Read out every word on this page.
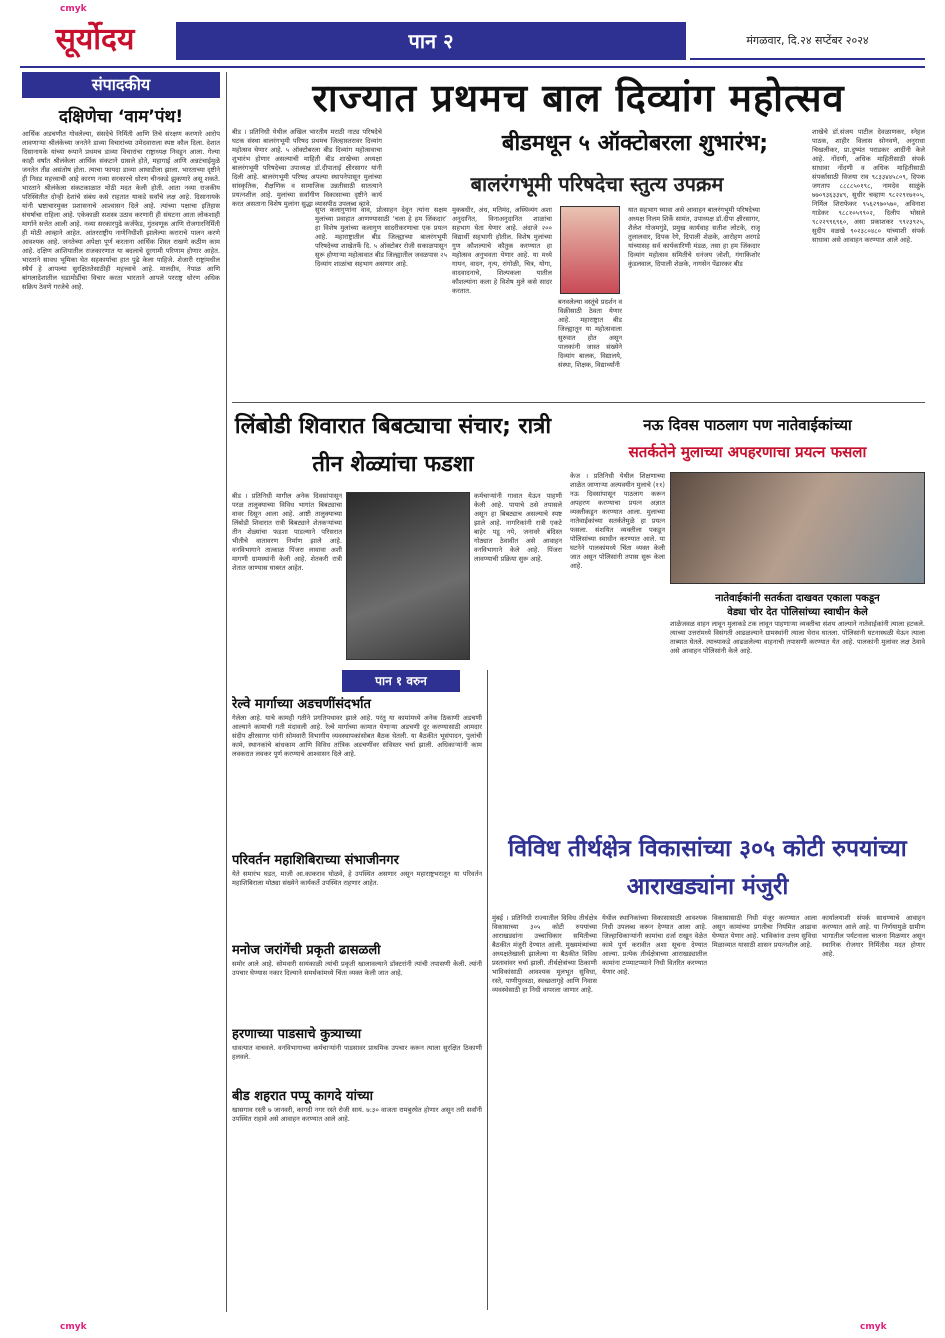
cmyk
सूर्योदय	पान २	मंगळवार, दि.२४ सप्टेंबर २०२४
संपादकीय
दक्षिणेचा ‘वाम’पंथ!
आर्थिक अडचणीत गोवलेल्या, संसदेचे निर्मिती आणि तिचे संरक्षण करणारे आरोप लावणार्‍या श्रीलंकेच्या जनतेने डाव्या विचारांच्या उमेदवाराला स्पष्ट कौल दिला. देशात दिसानायके यांच्या रूपाने प्रथमच डाव्या विचारांचा राष्ट्राध्यक्ष निवडून आला. गेल्या काही वर्षांत श्रीलंकेला आर्थिक संकटाने ग्रासले होते, महागाई आणि अन्नटंचाईमुळे जनतेत तीव्र असंतोष होता. त्याचा फायदा डाव्या आघाडीला झाला. भारताच्या दृष्टीने ही निवड महत्त्वाची आहे कारण नव्या सरकारचे धोरण चीनकडे झुकणारे असू शकते. भारताने श्रीलंकेला संकटकाळात मोठी मदत केली होती. आता नव्या राजकीय परिस्थितीत दोन्ही देशांचे संबंध कसे राहतात याकडे सर्वांचे लक्ष आहे. दिसानायके यांनी भ्रष्टाचारमुक्त प्रशासनाचे आश्वासन दिले आहे. त्यांच्या पक्षाचा इतिहास संघर्षाचा राहिला आहे. एकेकाळी सशस्त्र उठाव करणारी ही संघटना आता लोकशाही मार्गाने सत्तेत आली आहे. नव्या सरकारपुढे कर्जफेड, गुंतवणूक आणि रोजगारनिर्मिती ही मोठी आव्हाने आहेत. आंतरराष्ट्रीय नाणेनिधीशी झालेल्या कराराचे पालन करणे आवश्यक आहे. जनतेच्या अपेक्षा पूर्ण करताना आर्थिक शिस्त राखणे कठीण काम आहे. दक्षिण आशियातील राजकारणात या बदलाचे दूरगामी परिणाम होणार आहेत. भारताने सावध भूमिका घेत सहकार्याचा हात पुढे केला पाहिजे. शेजारी राष्ट्रांमधील स्थैर्य हे आपल्या सुरक्षिततेसाठीही महत्त्वाचे आहे. मालदीव, नेपाळ आणि बांगलादेशातील घडामोडींचा विचार करता भारताने आपले परराष्ट्र धोरण अधिक सक्रिय ठेवणे गरजेचे आहे.
राज्यात प्रथमच बाल दिव्यांग महोत्सव
बीडमधून ५ ऑक्टोबरला शुभारंभ;
बालरंगभूमी परिषदेचा स्तुत्य उपक्रम
बीड । प्रतिनिधी येथील अखिल भारतीय मराठी नाट्य परिषदेचे घटक संस्था बालरंगभूमी परिषद प्रथमच जिल्हास्तरावर दिव्यांग महोत्सव घेणार आहे. ५ ऑक्टोबरला बीड दिव्यांग महोत्सवाचा शुभारंभ होणार असल्याची माहिती बीड शाखेच्या अध्यक्षा बालरंगभूमी परिषदेच्या उपाध्यक्ष डॉ.दीपाताई क्षीरसागर यांनी दिली आहे. बालरंगभूमी परिषद अपल्या स्थापनेपासून मुलांच्या सांस्कृतिक, शैक्षणिक व सामाजिक उन्नतीसाठी सातत्याने प्रयत्नशील आहे. मुलांच्या सर्वांगीण विकासाच्या दृष्टीने कार्य करत असताना विशेष मुलांना सुद्धा व्यासपीठ उपलब्ध व्हावे.
सुप्त कलागुणांना वाव, प्रोत्साहन देवून त्यांना सक्षम मुलांच्या प्रवाहात आणण्यासाठी ‘चला हे हम जिंकदार’ हा विशेष मुलांच्या कलागुण सादरीकरणाचा एक प्रयत्न आहे. महाराष्ट्रातील बीड जिल्ह्याच्या बालरंगभूमी परिषदेच्या शाखेतर्फे दि. ५ ऑक्टोबर रोजी सकाळपासून सुरू होणाऱ्या महोत्सवात बीड जिल्ह्यातील जवळपास २५ दिव्यांग शाळांचा सहभाग असणार आहे.
मुकबधीर, अंध, मतिमंद, अस्थिव्यंग अशा अनुदानित, विनाअनुदानित शाळांचा सहभाग घेता येणार आहे. अंदाजे २०० विद्यार्थी सहभागी होतील. विशेष मुलांच्या गुण कौशल्याचे कौतुक करण्यात हा महोत्सव अनुभवता येणार आहे. या मध्ये गायन, वादन, नृत्य, रांगोळी, चित्र, योगा, वादवादनाचे, शिल्पकला यातील कौशल्यांना कला हे विशेष मुले कसे सादर करतात.
बनवलेल्या वस्तूंचे प्रदर्शन व विक्रीसाठी ठेवता येणार आहे. महाराष्ट्रात बीड जिल्ह्यातून या महोत्सवाला सुरुवात होत असून पालकांनी जास्त संख्येने दिव्यांग बालक, विद्यालये, संस्था, शिक्षक, विद्यार्थ्यांनी
यात सहभाग घ्यावा असे आवाहन बालरंगभूमी परिषदेच्या अध्यक्ष निलम शिर्के सामंत, उपाध्यक्ष डॉ.दीपा क्षीरसागर, शैलेश गोजमगुंडे, प्रमुख कार्यवाह सतीश लोटके, राजू तुलालवार, दिपक रेगे, दिपाली शेळके, आरोहण अरगडे यांच्यासह सर्व कार्यकारिणी मंडळ, तसा हा हम जिंकदार दिव्यांग महोत्सव समितीचे धनंजय जोशी, गंगाकिशोर कुंडलवाल, दिपाली शेळके, नागसेन पेंढारकर बीड
शाखेचे डॉ.संजय पाटील देवळाणकर, स्नेहल पाठक, शाहीर विलास सोनवणे, अनुराधा चिखलीकर, प्रा.दुष्यंत पराडकर आदींनी केले आहे. नोंदणी, अधिक माहितीसाठी संपर्क साधावा नोंदणी व अधिक माहितीसाठी संपर्कासाठी विजया राव ९८३३४४५८०९, दिपक जगताप ८८८८५०१९८, नामदेव साळुंके ७७०९३६३३४९, सुधीर चव्हाण ९८२२९१७१०५, निर्मिल शिराफेकर ९५६२९७०५७०, अविनाश गाडेकर ९८८१०५९९०२, दिलीप भोसले ९८२२९९६९६०, असा प्रकाशकर ९९२३९२५, सुदीप वळखे ९०२३८०४८० यांच्याशी संपर्क साधावा असे आवाहन करण्यात आले आहे.
लिंबोडी शिवारात बिबट्याचा संचार; रात्री तीन शेळ्यांचा फडशा
बीड । प्रतिनिधी मागील अनेक दिवसांपासून परळ तालुक्याच्या विविध भागांत बिबट्याचा वावर दिसून आला आहे. आष्टी तालुक्याच्या लिंबोडी शिवारात रात्री बिबट्याने शेतकऱ्यांच्या तीन शेळ्यांचा फडशा पाडल्याने परिसरात भीतीचे वातावरण निर्माण झाले आहे. वनविभागाने तात्काळ पिंजरा लावावा अशी मागणी ग्रामस्थांनी केली आहे. शेतकरी रात्री शेतात जाण्यास घाबरत आहेत.
कर्मचाऱ्यांनी गावात येऊन पाहणी केली आहे. पायाचे ठसे तपासले असून हा बिबट्याच असल्याचे स्पष्ट झाले आहे. नागरिकांनी रात्री एकटे बाहेर पडू नये, जनावरे बंदिस्त गोठ्यात ठेवावीत असे आवाहन वनविभागाने केले आहे. पिंजरा लावण्याची प्रक्रिया सुरू आहे.
नऊ दिवस पाठलाग पण नातेवाईकांच्या
सतर्कतेने मुलाच्या अपहरणाचा प्रयत्न फसला
केज । प्रतिनिधी येथील शिक्षणाच्या शाळेत जाणाऱ्या अल्पवयीन मुलाचे (११) नऊ दिवसांपासून पाठलाग करून अपहरण करण्याचा प्रयत्न अज्ञात व्यक्तीकडून करण्यात आला. मुलाच्या नातेवाईकांच्या सतर्कतेमुळे हा प्रयत्न फसला. संशयित व्यक्तीला पकडून पोलिसांच्या स्वाधीन करण्यात आले. या घटनेने पालकांमध्ये चिंता व्यक्त केली जात असून पोलिसांनी तपास सुरू केला आहे.
नातेवाईकांनी सतर्कता दाखवत एकाला पकडून
वेड्या चोर देत पोलिसांच्या स्वाधीन केले
शाळेजवळ वाहन लावून मुलाकडे टक लावून पाहणाऱ्या व्यक्तीचा संशय आल्याने नातेवाईकांनी त्याला हटकले. त्याच्या उत्तरांमध्ये विसंगती आढळल्याने ग्रामस्थांनी त्याला घेराव घातला. पोलिसांनी घटनास्थळी येऊन त्याला ताब्यात घेतले. त्याच्याकडे आढळलेल्या वाहनाची तपासणी करण्यात येत आहे. पालकांनी मुलांवर लक्ष ठेवावे असे आवाहन पोलिसांनी केले आहे.
पान १ वरुन
रेल्वे मार्गाच्या अडचणींसंदर्भात
गेलेला आहे. याचे कामही गतीने प्रगतिपथावर झाले आहे. परंतु या कामांमध्ये अनेक ठिकाणी अडचणी आल्याने कामाची गती मंदावली आहे. रेल्वे मार्गाच्या कामात येणाऱ्या अडचणी दूर करण्यासाठी आमदार संदीप क्षीरसागर यांनी सोमवारी विभागीय व्यवस्थापकांसोबत बैठक घेतली. या बैठकीत भूसंपादन, पुलांची कामे, स्थानकांचे बांधकाम आणि विविध तांत्रिक अडचणींवर सविस्तर चर्चा झाली. अधिकाऱ्यांनी काम लवकरात लवकर पूर्ण करण्याचे आश्वासन दिले आहे.
परिवर्तन महाशिबिराच्या संभाजीनगर
येते समारंभ घडत, माजी आ.काकराव घोळवे, हे उपस्थित असणार असून महाराष्ट्रभरातून या परिवर्तन महाशिबिराला मोठ्या संख्येने कार्यकर्ते उपस्थित राहणार आहेत.
मनोज जरांगेंची प्रकृती ढासळली
समोर आले आहे. सोमवारी सायंकाळी त्यांची प्रकृती खालावल्याने डॉक्टरांनी त्यांची तपासणी केली. त्यांनी उपचार घेण्यास नकार दिल्याने समर्थकांमध्ये चिंता व्यक्त केली जात आहे.
हरणाच्या पाडसाचे कुत्र्याच्या
धावत्यात वाचवले. वनविभागाच्या कर्मचाऱ्यांनी पाडसावर प्राथमिक उपचार करून त्याला सुरक्षित ठिकाणी हलवले.
बीड शहरात पप्पू कागदे यांच्या
खासगाव रस्ती ७ जानवरी, कागदी नगर रस्ते रोजी सायं. ७:३० वाजता रामबुरघेत होणार असून तरी सर्वांनी उपस्थित राहावे असे आवाहन करण्यात आले आहे.
विविध तीर्थक्षेत्र विकासांच्या ३०५ कोटी रुपयांच्या आराखड्यांना मंजुरी
मुंबई । प्रतिनिधी राज्यातील विविध तीर्थक्षेत्र विकासाच्या ३०५ कोटी रुपयांच्या आराखड्यांना उच्चाधिकार समितीच्या बैठकीत मंजुरी देण्यात आली. मुख्यमंत्र्यांच्या अध्यक्षतेखाली झालेल्या या बैठकीत विविध प्रस्तावांवर चर्चा झाली. तीर्थक्षेत्रांच्या ठिकाणी भाविकांसाठी आवश्यक मूलभूत सुविधा, रस्ते, पाणीपुरवठा, स्वच्छतागृहे आणि निवास व्यवस्थेसाठी हा निधी वापरला जाणार आहे.
येथील स्थानिकांच्या विकासासाठी आवश्यक निधी उपलब्ध करून देण्यात आला आहे. जिल्हाधिकाऱ्यांनी कामांचा दर्जा राखून वेळेत कामे पूर्ण करावीत अशा सूचना देण्यात आल्या. प्रत्येक तीर्थक्षेत्राच्या आराखड्यातील कामांना टप्प्याटप्प्याने निधी वितरित करण्यात येणार आहे.
विकासासाठी निधी मंजूर करण्यात आला असून कामांच्या प्रगतीचा नियमित आढावा घेण्यात येणार आहे. भाविकांना उत्तम सुविधा मिळाव्यात यासाठी शासन प्रयत्नशील आहे.
कार्यालयाशी संपर्क साधण्याचे आवाहन करण्यात आले आहे. या निर्णयामुळे ग्रामीण भागातील पर्यटनाला चालना मिळणार असून स्थानिक रोजगार निर्मितीस मदत होणार आहे.
cmyk	cmyk
